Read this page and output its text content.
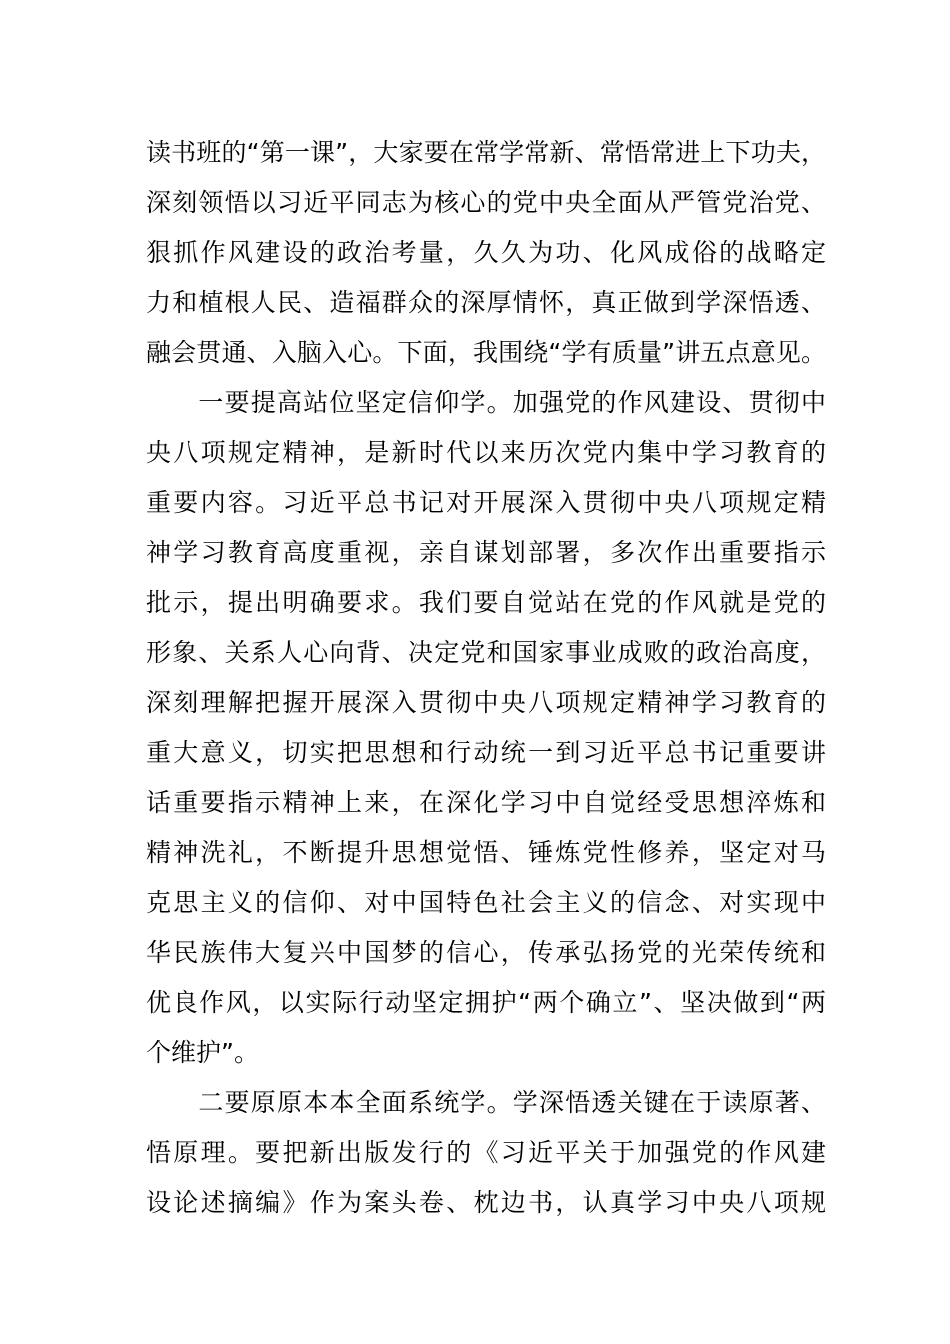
读书班的“第一课”，大家要在常学常新、常悟常进上下功夫，
深刻领悟以习近平同志为核心的党中央全面从严管党治党、
狠抓作风建设的政治考量，久久为功、化风成俗的战略定
力和植根人民、造福群众的深厚情怀，真正做到学深悟透、
融会贯通、入脑入心。下面，我围绕“学有质量”讲五点意见。
　　一要提高站位坚定信仰学。加强党的作风建设、贯彻中
央八项规定精神，是新时代以来历次党内集中学习教育的
重要内容。习近平总书记对开展深入贯彻中央八项规定精
神学习教育高度重视，亲自谋划部署，多次作出重要指示
批示，提出明确要求。我们要自觉站在党的作风就是党的
形象、关系人心向背、决定党和国家事业成败的政治高度，
深刻理解把握开展深入贯彻中央八项规定精神学习教育的
重大意义，切实把思想和行动统一到习近平总书记重要讲
话重要指示精神上来，在深化学习中自觉经受思想淬炼和
精神洗礼，不断提升思想觉悟、锤炼党性修养，坚定对马
克思主义的信仰、对中国特色社会主义的信念、对实现中
华民族伟大复兴中国梦的信心，传承弘扬党的光荣传统和
优良作风，以实际行动坚定拥护“两个确立”、坚决做到“两
个维护”。
　　二要原原本本全面系统学。学深悟透关键在于读原著、
悟原理。要把新出版发行的《习近平关于加强党的作风建
设论述摘编》作为案头卷、枕边书，认真学习中央八项规
